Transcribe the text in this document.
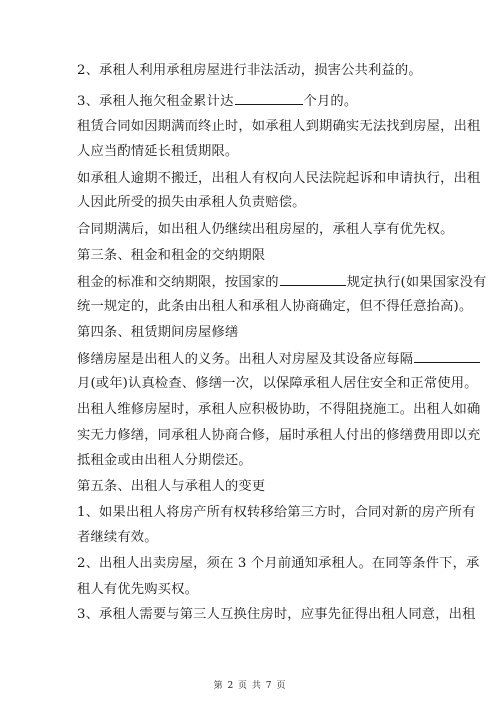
2、承租人利用承租房屋进行非法活动，损害公共利益的。
3、承租人拖欠租金累计达	个月的。
租赁合同如因期满而终止时，如承租人到期确实无法找到房屋，出租
人应当酌情延长租赁期限。
如承租人逾期不搬迁，出租人有权向人民法院起诉和申请执行，出租
人因此所受的损失由承租人负责赔偿。
合同期满后，如出租人仍继续出租房屋的，承租人享有优先权。
第三条、租金和租金的交纳期限
租金的标准和交纳期限，按国家的	规定执行(如果国家没有
统一规定的，此条由出租人和承租人协商确定，但不得任意抬高)。
第四条、租赁期间房屋修缮
修缮房屋是出租人的义务。出租人对房屋及其设备应每隔
月(或年)认真检查、修缮一次，以保障承租人居住安全和正常使用。
出租人维修房屋时，承租人应积极协助，不得阻挠施工。出租人如确
实无力修缮，同承租人协商合修，届时承租人付出的修缮费用即以充
抵租金或由出租人分期偿还。
第五条、出租人与承租人的变更
1、如果出租人将房产所有权转移给第三方时，合同对新的房产所有
者继续有效。
2、出租人出卖房屋，须在 3 个月前通知承租人。在同等条件下，承
租人有优先购买权。
3、承租人需要与第三人互换住房时，应事先征得出租人同意，出租
第 2 页 共 7 页
